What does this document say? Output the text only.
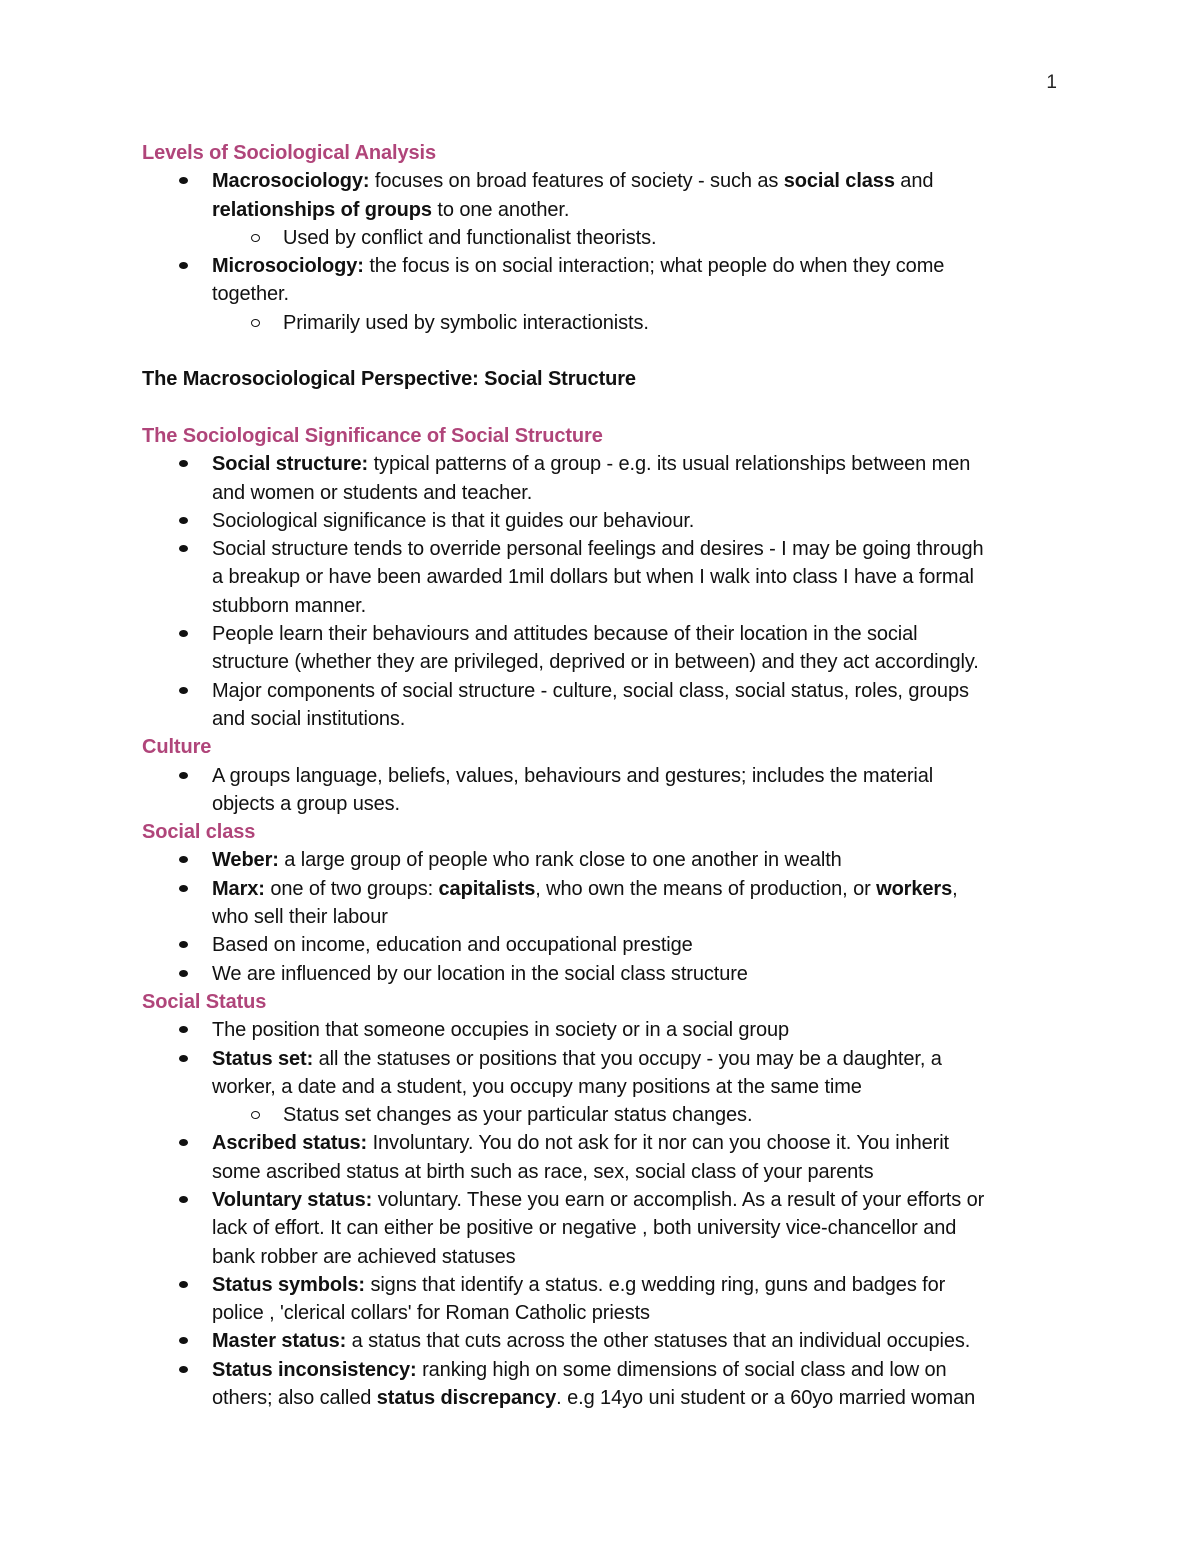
1
Levels of Sociological Analysis
Macrosociology: focuses on broad features of society - such as social class and
relationships of groups to one another.
Used by conflict and functionalist theorists.
Microsociology: the focus is on social interaction; what people do when they come
together.
Primarily used by symbolic interactionists.
The Macrosociological Perspective: Social Structure
The Sociological Significance of Social Structure
Social structure: typical patterns of a group - e.g. its usual relationships between men
and women or students and teacher.
Sociological significance is that it guides our behaviour.
Social structure tends to override personal feelings and desires - I may be going through
a breakup or have been awarded 1mil dollars but when I walk into class I have a formal
stubborn manner.
People learn their behaviours and attitudes because of their location in the social
structure (whether they are privileged, deprived or in between) and they act accordingly.
Major components of social structure - culture, social class, social status, roles, groups
and social institutions.
Culture
A groups language, beliefs, values, behaviours and gestures; includes the material
objects a group uses.
Social class
Weber: a large group of people who rank close to one another in wealth
Marx: one of two groups: capitalists, who own the means of production, or workers,
who sell their labour
Based on income, education and occupational prestige
We are influenced by our location in the social class structure
Social Status
The position that someone occupies in society or in a social group
Status set: all the statuses or positions that you occupy - you may be a daughter, a
worker, a date and a student, you occupy many positions at the same time
Status set changes as your particular status changes.
Ascribed status: Involuntary. You do not ask for it nor can you choose it. You inherit
some ascribed status at birth such as race, sex, social class of your parents
Voluntary status: voluntary. These you earn or accomplish. As a result of your efforts or
lack of effort. It can either be positive or negative , both university vice-chancellor and
bank robber are achieved statuses
Status symbols: signs that identify a status. e.g wedding ring, guns and badges for
police , 'clerical collars' for Roman Catholic priests
Master status: a status that cuts across the other statuses that an individual occupies.
Status inconsistency: ranking high on some dimensions of social class and low on
others; also called status discrepancy. e.g 14yo uni student or a 60yo married woman
